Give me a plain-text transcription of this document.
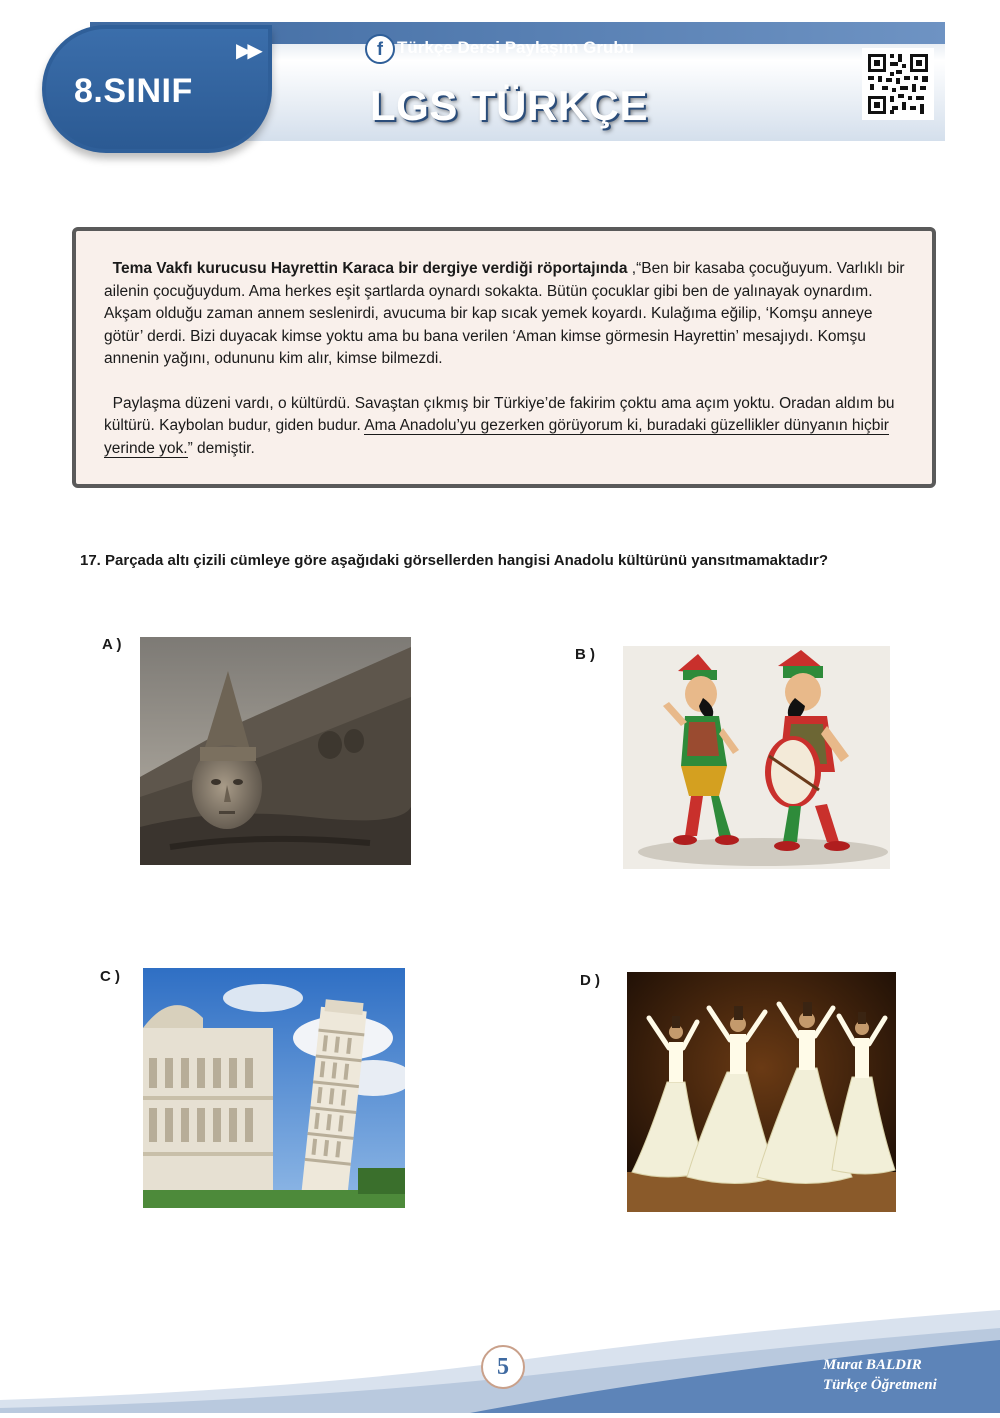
8.SINIF
▶▶	f Türkçe Dersi Paylaşım Grubu
LGS TÜRKÇE

Tema Vakfı kurucusu Hayrettin Karaca bir dergiye verdiği röportajında ,“Ben bir kasaba çocuğuyum. Varlıklı bir ailenin çocuğuydum. Ama herkes eşit şartlarda oynardı sokakta. Bütün çocuklar gibi ben de yalınayak oynardım. Akşam olduğu zaman annem seslenirdi, avucuma bir kap sıcak yemek koyardı. Kulağıma eğilip, ‘Komşu anneye götür’ derdi. Bizi duyacak kimse yoktu ama bu bana verilen ‘Aman kimse görmesin Hayrettin’ mesajıydı. Komşu annenin yağını, odununu kim alır, kimse bilmezdi.

Paylaşma düzeni vardı, o kültürdü. Savaştan çıkmış bir Türkiye’de fakirim çoktu ama açım yoktu. Oradan aldım bu kültürü. Kaybolan budur, giden budur. Ama Anadolu’yu gezerken görüyorum ki, buradaki güzellikler dünyanın hiçbir yerinde yok.” demiştir.

17. Parçada altı çizili cümleye göre aşağıdaki görsellerden hangisi Anadolu kültürünü yansıtmamaktadır?
A )
B )
C )	D )
5	Murat BALDIR
Türkçe Öğretmeni
